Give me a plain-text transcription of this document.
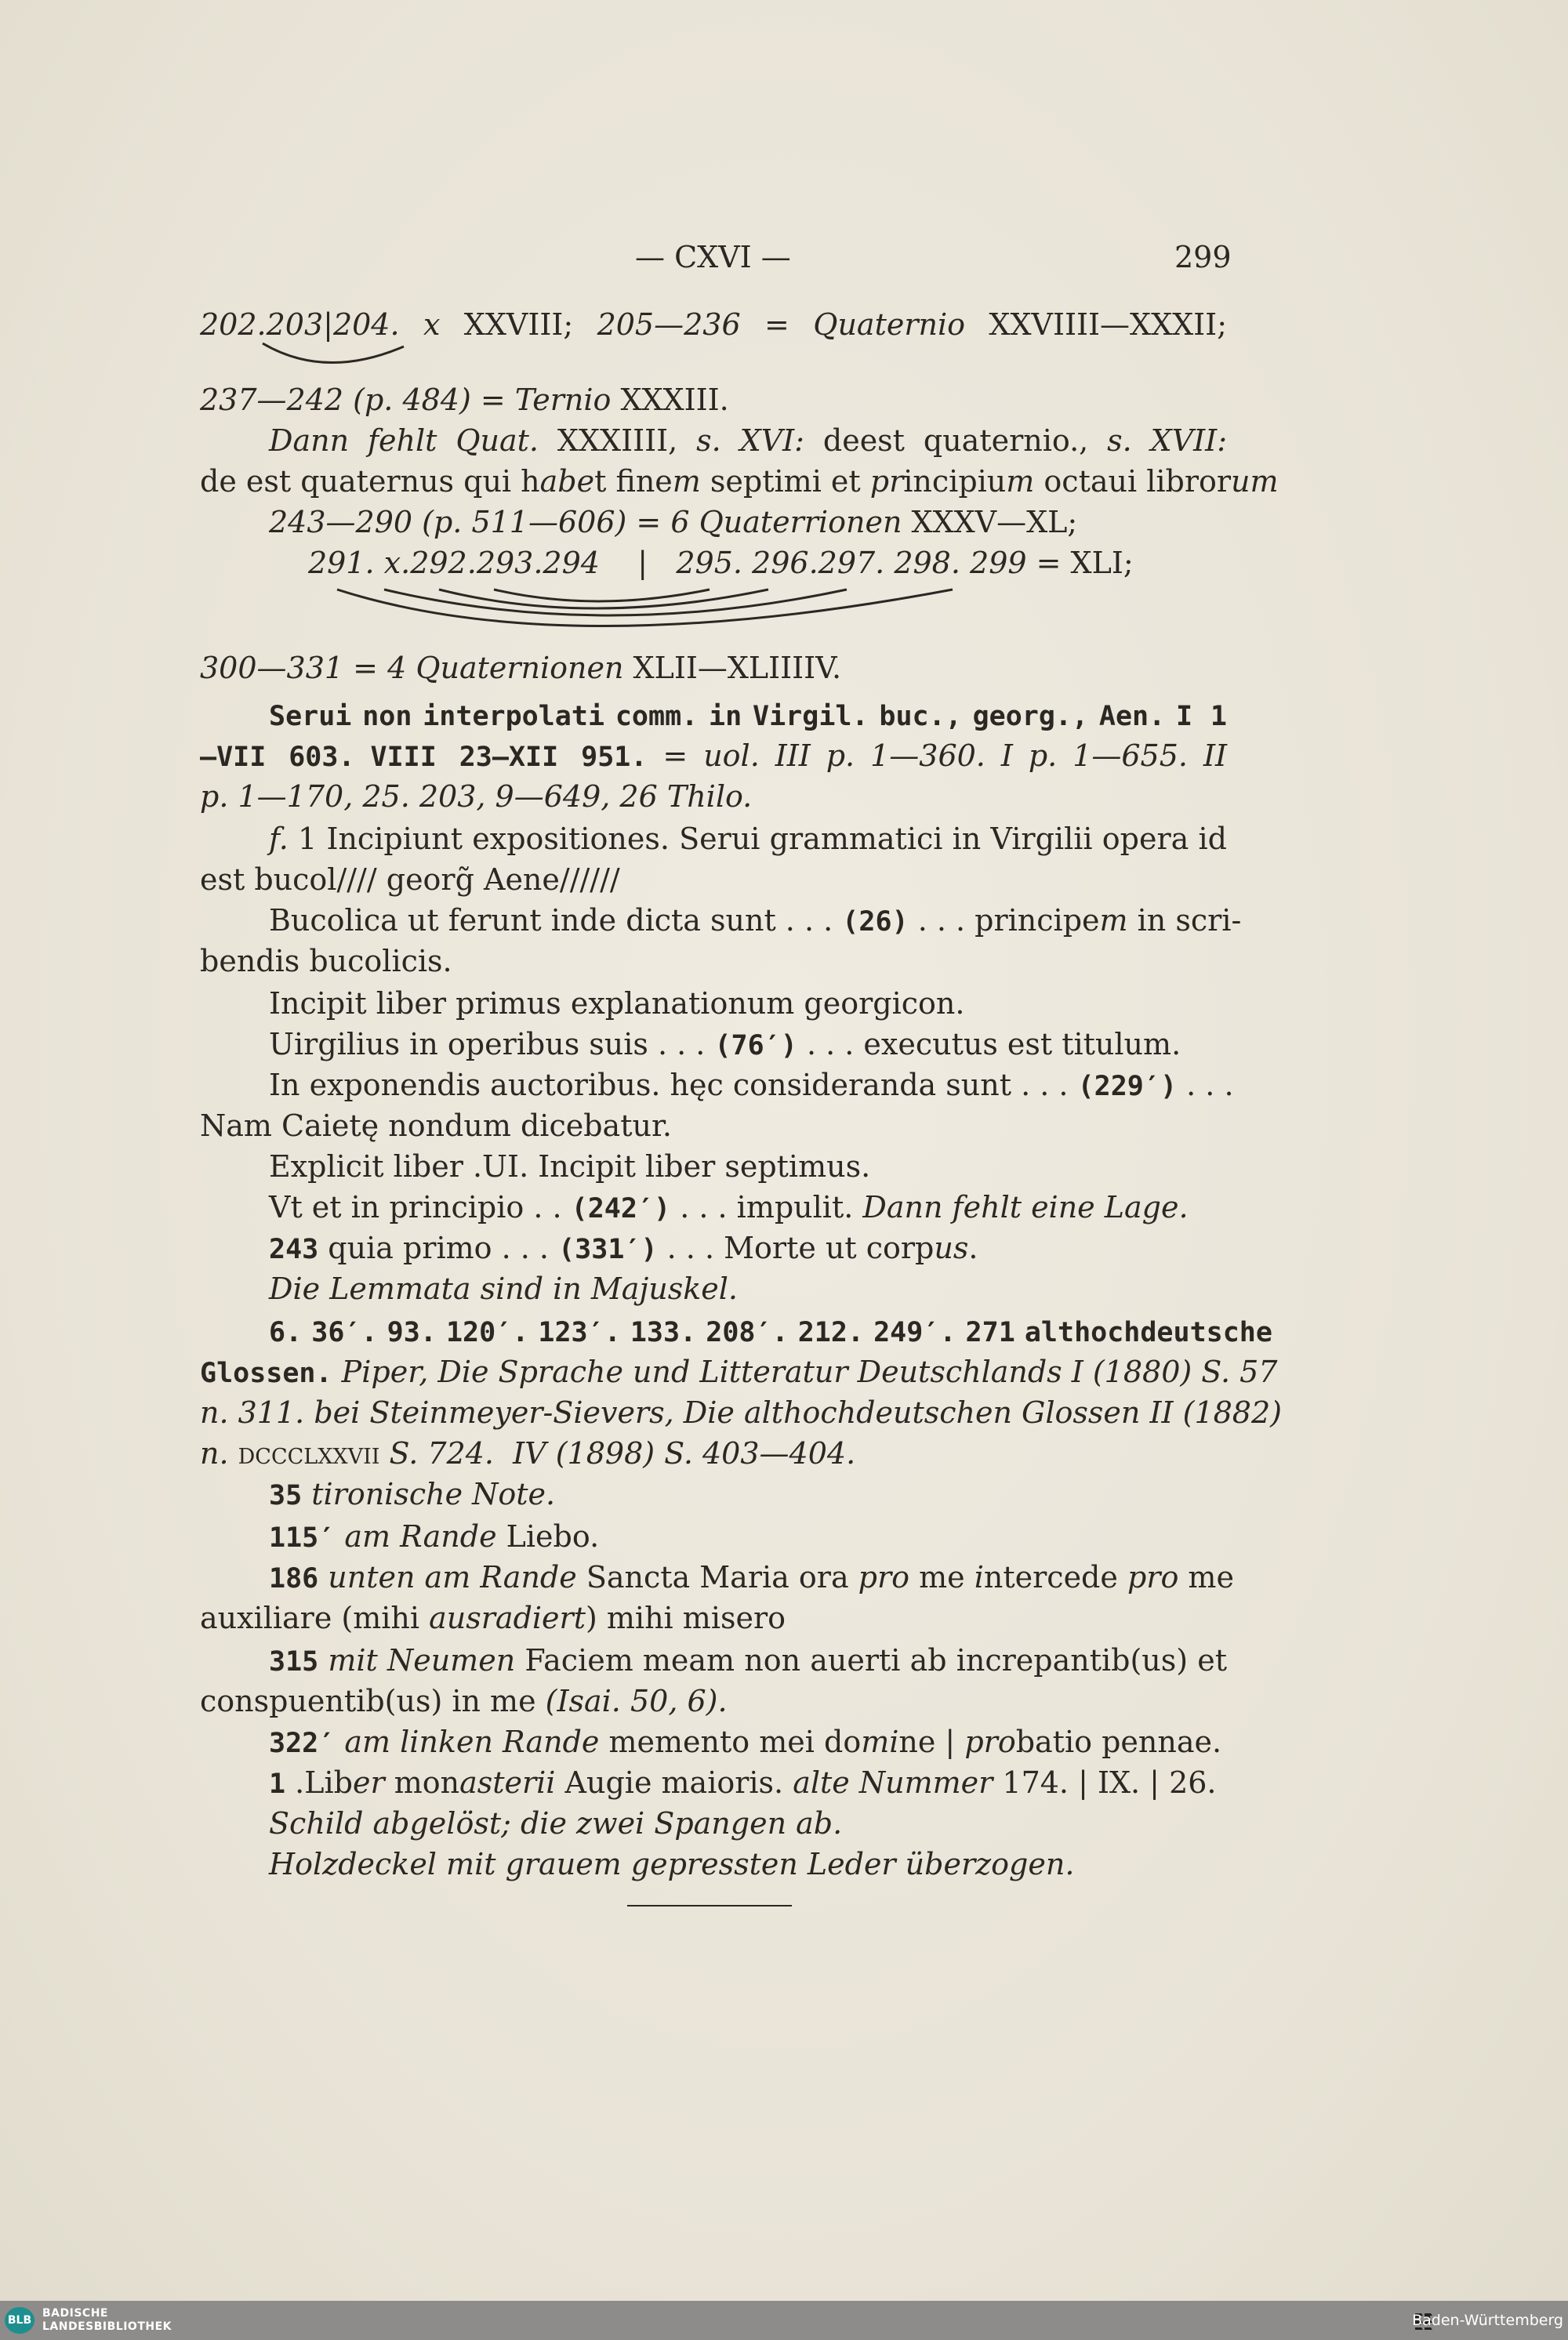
— CXVI —	299
202.203|204. x XXVIII; 205—236 = Quaternio XXVIIII—XXXII;
237—242 (p. 484) = Ternio XXXIII.
Dann fehlt Quat. XXXIIII, s. XVI: deest quaternio., s. XVII:
de est quaternus qui habet finem septimi et principium octaui librorum
243—290 (p. 511—606) = 6 Quaterrionen XXXV—XL;
291. x.292.293.294 | 295. 296.297. 298. 299 = XLI;
300—331 = 4 Quaternionen XLII—XLIIIIV.
Serui non interpolati comm. in Virgil. buc., georg., Aen. I 1
—VII 603. VIII 23—XII 951. = uol. III p. 1—360. I p. 1—655. II
p. 1—170, 25. 203, 9—649, 26 Thilo.
f. 1 Incipiunt expositiones. Serui grammatici in Virgilii opera id
est bucol//// georg̃ Aene//////
Bucolica ut ferunt inde dicta sunt . . . (26) . . . principem in scri-
bendis bucolicis.
Incipit liber primus explanationum georgicon.
Uirgilius in operibus suis . . . (76′) . . . executus est titulum.
In exponendis auctoribus. hęc consideranda sunt . . . (229′) . . .
Nam Caietę nondum dicebatur.
Explicit liber .UI. Incipit liber septimus.
Vt et in principio . . (242′) . . . impulit. Dann fehlt eine Lage.
243 quia primo . . . (331′) . . . Morte ut corpus.
Die Lemmata sind in Majuskel.
6. 36′. 93. 120′. 123′. 133. 208′. 212. 249′. 271 althochdeutsche
Glossen. Piper, Die Sprache und Litteratur Deutschlands I (1880) S. 57
n. 311. bei Steinmeyer-Sievers, Die althochdeutschen Glossen II (1882)
n. dccclxxvii S. 724. IV (1898) S. 403—404.
35 tironische Note.
115′ am Rande Liebo.
186 unten am Rande Sancta Maria ora pro me intercede pro me
auxiliare (mihi ausradiert) mihi misero
315 mit Neumen Faciem meam non auerti ab increpantib(us) et
conspuentib(us) in me (Isai. 50, 6).
322′ am linken Rande memento mei domine | probatio pennae.
1 .Liber monasterii Augie maioris. alte Nummer 174. | IX. | 26.
Schild abgelöst; die zwei Spangen ab.
Holzdeckel mit grauem gepressten Leder überzogen.
BLB
BADISCHE
LANDESBIBLIOTHEK	Baden-Württemberg
